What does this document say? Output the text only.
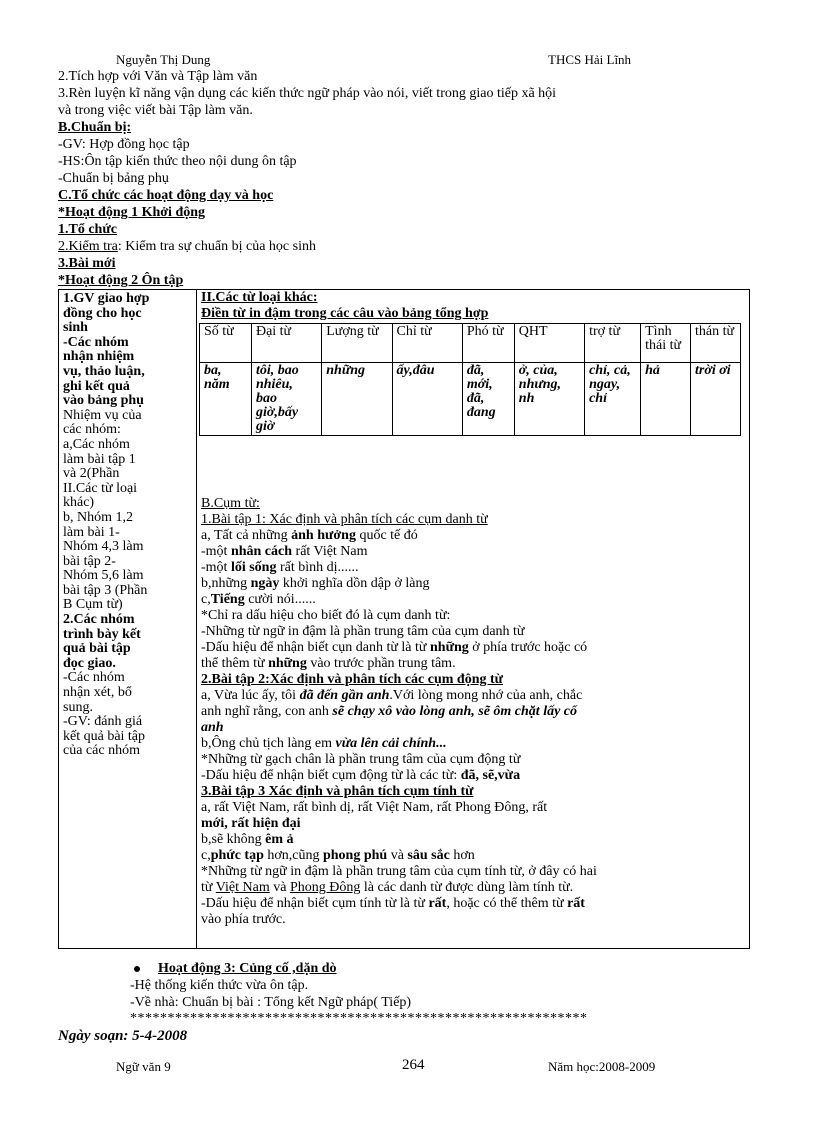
Nguyễn Thị Dung	THCS Hải Lĩnh
2.Tích hợp với Văn và Tập làm văn
3.Rèn luyện kĩ năng vận dụng các kiến thức ngữ pháp vào nói, viết trong giao tiếp xã hội
và trong việc viết bài Tập làm văn.
B.Chuẩn bị:
-GV: Hợp đồng học tập
-HS:Ôn tập kiến thức theo nội dung ôn tập
-Chuẩn bị bảng phụ
C.Tổ chức các hoạt động dạy và học
*Hoạt động 1 Khởi động
1.Tổ chức
2.Kiểm tra: Kiểm tra sự chuẩn bị của học sinh
3.Bài mới
*Hoạt động 2 Ôn tập
1.GV giao hợp
đồng cho học
sinh
-Các nhóm
nhận nhiệm
vụ, thảo luận,
ghi kết quả
vào bảng phụ
Nhiệm vụ của
các nhóm:
a,Các nhóm
làm bài tập 1
và 2(Phần
II.Các từ loại
khác)
b, Nhóm 1,2
làm bài 1-
Nhóm 4,3 làm
bài tập 2-
Nhóm 5,6 làm
bài tập 3 (Phần
B Cụm từ)
2.Các nhóm
trình bày kết
quả bài tập
đọc giao.
-Các nhóm
nhận xét, bổ
sung.
-GV: đánh giá
kết quả bài tập
của các nhóm
II.Các từ loại khác:
Điền từ in đậm trong các câu vào bảng tổng hợp
Số từ	Đại từ	Lượng từ	Chỉ từ	Phó từ	QHT	trợ từ	Tình thái từ	thán từ
ba, năm	tôi, bao nhiêu, bao giờ,bấy giờ	những	ấy,đâu	đã, mới, đã, đang	ở, của, nhưng, nh	chỉ, cả, ngay, chỉ	hả	trời ơi
B.Cụm từ:
1.Bài tập 1: Xác định và phân tích các cụm danh từ
a, Tất cả những ảnh hưởng quốc tế đó
-một nhân cách rất Việt Nam
-một lối sống rất bình dị......
b,những ngày khởi nghĩa dồn dập ở làng
c,Tiếng cười nói......
*Chỉ ra dấu hiệu cho biết đó là cụm danh từ:
-Những từ ngữ in đậm là phần trung tâm của cụm danh từ
-Dấu hiệu để nhận biết cụn danh từ là từ những ở phía trước hoặc có
thể thêm từ những vào trước phần trung tâm.
2.Bài tập 2:Xác định và phân tích các cụm động từ
a, Vừa lúc ấy, tôi đã đến gần anh.Với lòng mong nhớ của anh, chắc
anh nghĩ rằng, con anh sẽ chạy xô vào lòng anh, sẽ ôm chặt lấy cổ
anh
b,Ông chủ tịch làng em vừa lên cải chính...
*Những từ gạch chân là phần trung tâm của cụm động từ
-Dấu hiệu để nhận biết cụm động từ là các từ: đã, sẽ,vừa
3.Bài tập 3 Xác định và phân tích cụm tính từ
a, rất Việt Nam, rất bình dị, rất Việt Nam, rất Phong Đông, rất
mới, rất hiện đại
b,sẽ không êm ả
c,phức tạp hơn,cũng phong phú và sâu sắc hơn
*Những từ ngữ in đậm là phần trung tâm của cụm tính từ, ở đây có hai
từ Việt Nam và Phong Đông là các danh từ được dùng làm tính từ.
-Dấu hiệu để nhận biết cụm tính từ là từ rất, hoặc có thể thêm từ rất
vào phía trước.
Hoạt động 3: Củng cố ,dặn dò
-Hệ thống kiến thức vừa ôn tập.
-Về nhà: Chuẩn bị bài : Tổng kết Ngữ pháp( Tiếp)
*************************************************************
Ngày soạn: 5-4-2008
Ngữ văn 9	264	Năm học:2008-2009
